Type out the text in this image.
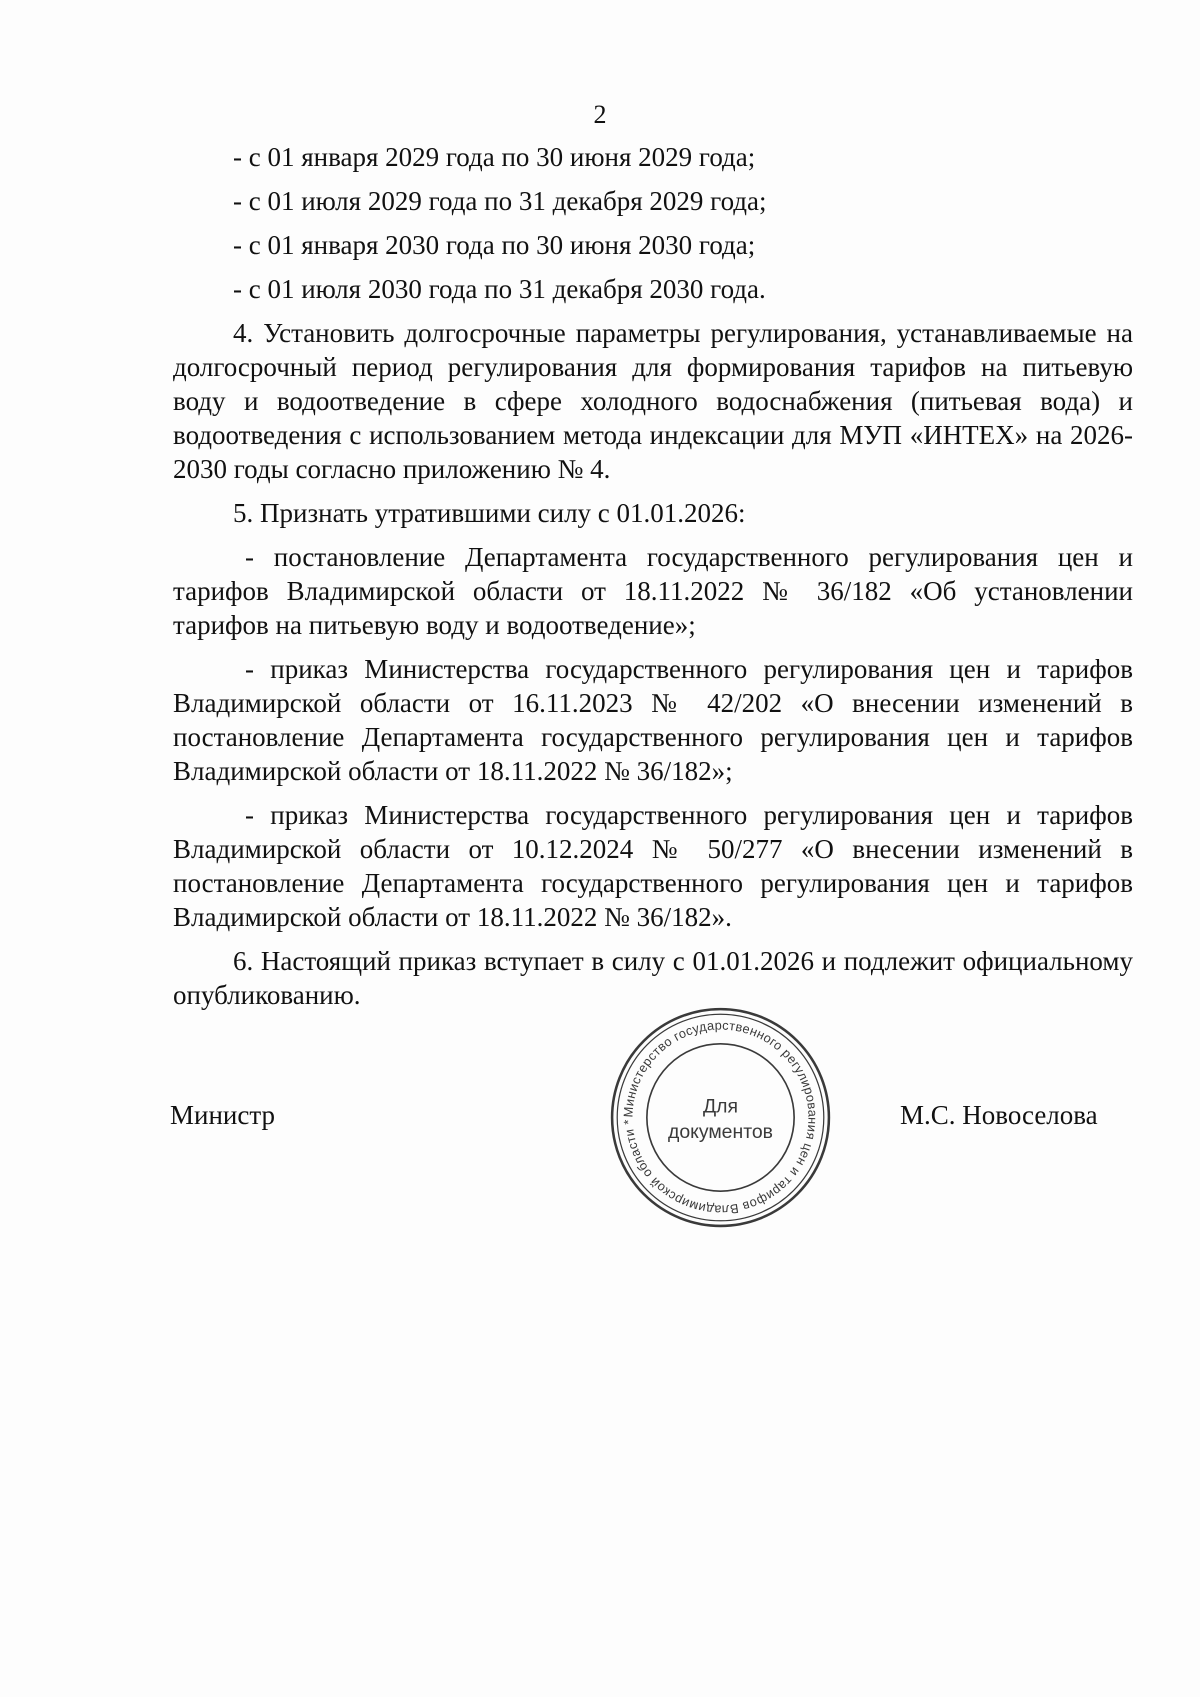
2

- с 01 января 2029 года по 30 июня 2029 года;

- с 01 июля 2029 года по 31 декабря 2029 года;

- с 01 января 2030 года по 30 июня 2030 года;

- с 01 июля 2030 года по 31 декабря 2030 года.

4. Установить долгосрочные параметры регулирования, устанавливаемые на долгосрочный период регулирования для формирования тарифов на питьевую воду и водоотведение в сфере холодного водоснабжения (питьевая вода) и водоотведения с использованием метода индексации для МУП «ИНТЕХ» на 2026-2030 годы согласно приложению № 4.

5. Признать утратившими силу с 01.01.2026:

- постановление Департамента государственного регулирования цен и тарифов Владимирской области от 18.11.2022 № 36/182 «Об установлении тарифов на питьевую воду и водоотведение»;

- приказ Министерства государственного регулирования цен и тарифов Владимирской области от 16.11.2023 № 42/202 «О внесении изменений в постановление Департамента государственного регулирования цен и тарифов Владимирской области от 18.11.2022 № 36/182»;

- приказ Министерства государственного регулирования цен и тарифов Владимирской области от 10.12.2024 № 50/277 «О внесении изменений в постановление Департамента государственного регулирования цен и тарифов Владимирской области от 18.11.2022 № 36/182».

6. Настоящий приказ вступает в силу с 01.01.2026 и подлежит официальному опубликованию.

Министр	М.С. Новоселова
Министерство государственного регулирования цен и тарифов Владимирской области *
Для
документов
